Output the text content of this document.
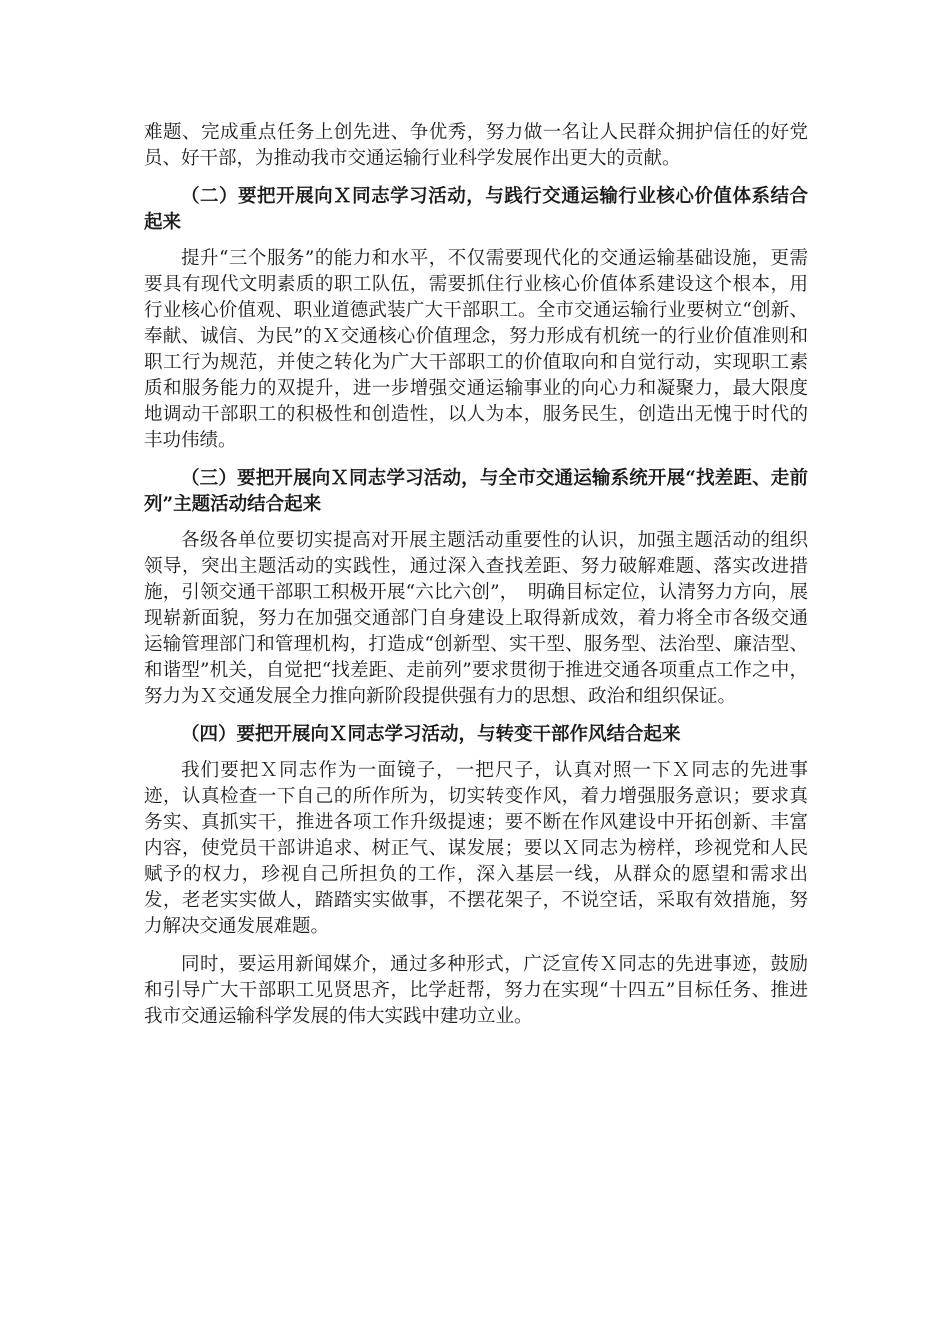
难题、完成重点任务上创先进、争优秀，努力做一名让人民群众拥护信任的好党员、好干部，为推动我市交通运输行业科学发展作出更大的贡献。

（二）要把开展向Ｘ同志学习活动，与践行交通运输行业核心价值体系结合起来

提升“三个服务”的能力和水平，不仅需要现代化的交通运输基础设施，更需要具有现代文明素质的职工队伍，需要抓住行业核心价值体系建设这个根本，用行业核心价值观、职业道德武装广大干部职工。全市交通运输行业要树立“创新、奉献、诚信、为民”的Ｘ交通核心价值理念，努力形成有机统一的行业价值准则和职工行为规范，并使之转化为广大干部职工的价值取向和自觉行动，实现职工素质和服务能力的双提升，进一步增强交通运输事业的向心力和凝聚力，最大限度地调动干部职工的积极性和创造性，以人为本，服务民生，创造出无愧于时代的丰功伟绩。

（三）要把开展向Ｘ同志学习活动，与全市交通运输系统开展“找差距、走前列”主题活动结合起来

各级各单位要切实提高对开展主题活动重要性的认识，加强主题活动的组织领导，突出主题活动的实践性，通过深入查找差距、努力破解难题、落实改进措施，引领交通干部职工积极开展“六比六创”，　明确目标定位，认清努力方向，展现崭新面貌，努力在加强交通部门自身建设上取得新成效，着力将全市各级交通运输管理部门和管理机构，打造成“创新型、实干型、服务型、法治型、廉洁型、和谐型”机关，自觉把“找差距、走前列”要求贯彻于推进交通各项重点工作之中，努力为Ｘ交通发展全力推向新阶段提供强有力的思想、政治和组织保证。

（四）要把开展向Ｘ同志学习活动，与转变干部作风结合起来

我们要把Ｘ同志作为一面镜子，一把尺子，认真对照一下Ｘ同志的先进事迹，认真检查一下自己的所作所为，切实转变作风，着力增强服务意识；要求真务实、真抓实干，推进各项工作升级提速；要不断在作风建设中开拓创新、丰富内容，使党员干部讲追求、树正气、谋发展；要以Ｘ同志为榜样，珍视党和人民赋予的权力，珍视自己所担负的工作，深入基层一线，从群众的愿望和需求出发，老老实实做人，踏踏实实做事，不摆花架子，不说空话，采取有效措施，努力解决交通发展难题。

同时，要运用新闻媒介，通过多种形式，广泛宣传Ｘ同志的先进事迹，鼓励和引导广大干部职工见贤思齐，比学赶帮，努力在实现“十四五”目标任务、推进我市交通运输科学发展的伟大实践中建功立业。
